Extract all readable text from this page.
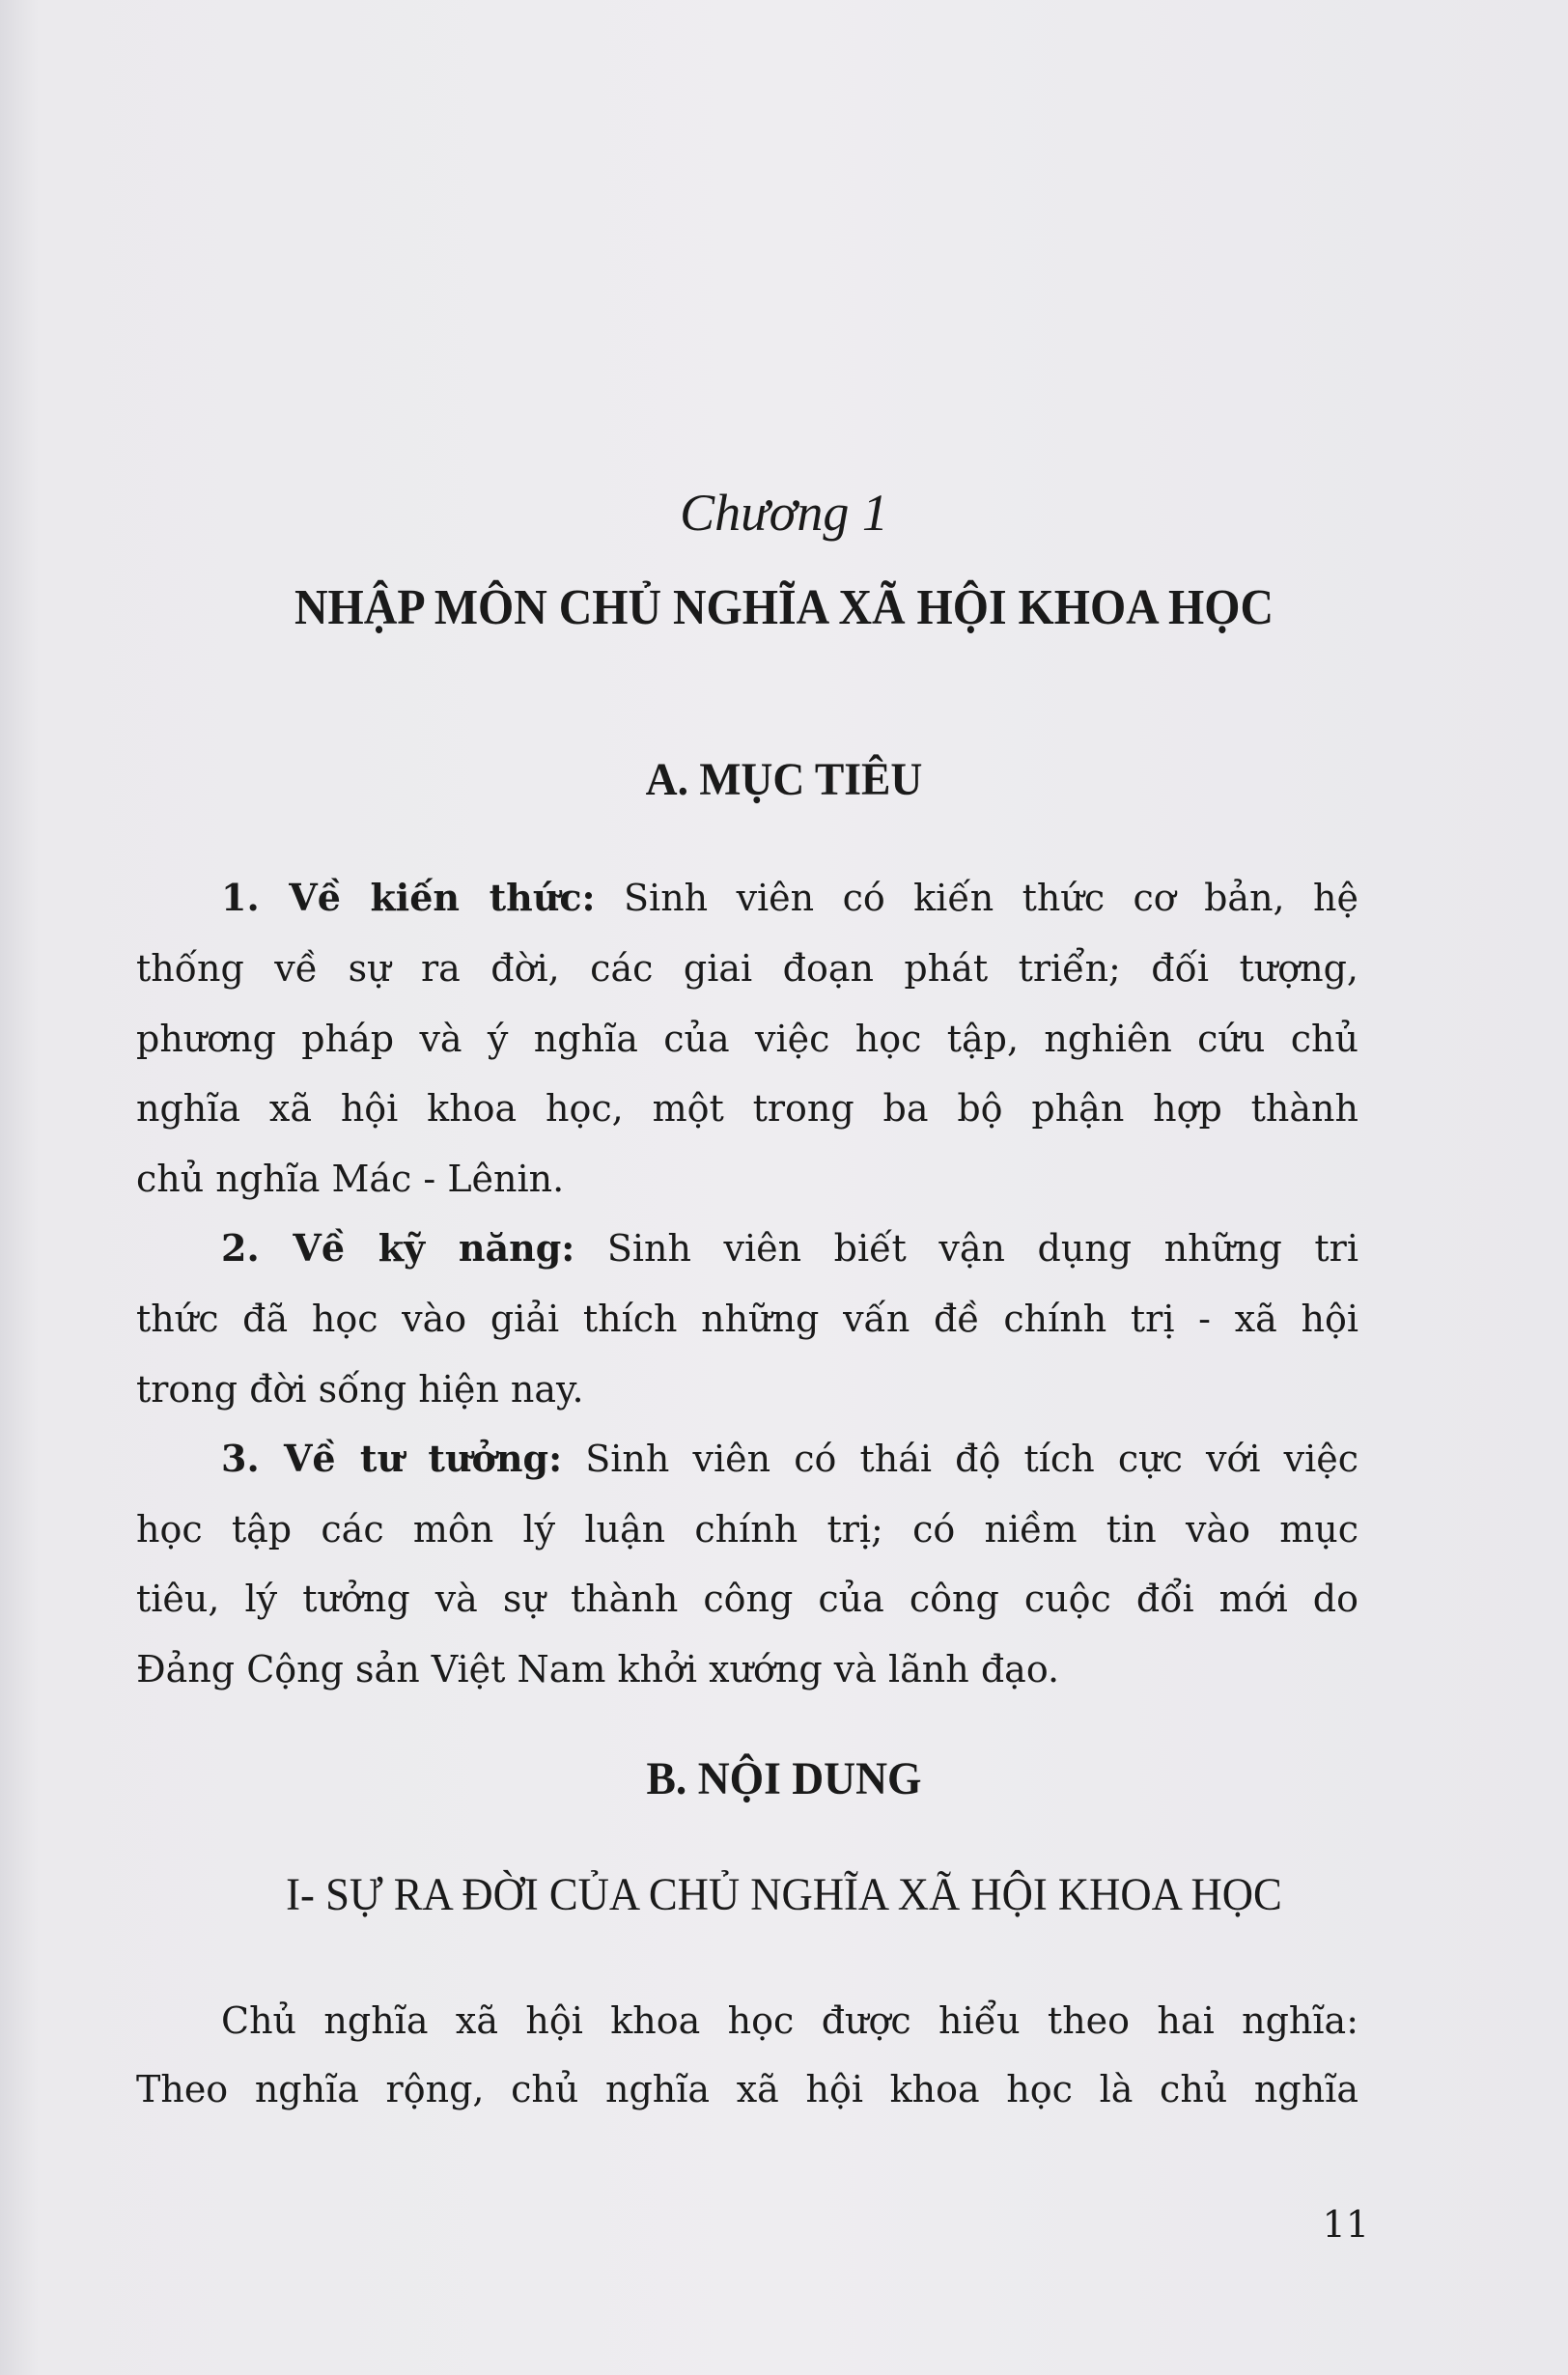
Chương 1
NHẬP MÔN CHỦ NGHĨA XÃ HỘI KHOA HỌC
A. MỤC TIÊU
1. Về kiến thức: Sinh viên có kiến thức cơ bản, hệ
thống về sự ra đời, các giai đoạn phát triển; đối tượng,
phương pháp và ý nghĩa của việc học tập, nghiên cứu chủ
nghĩa xã hội khoa học, một trong ba bộ phận hợp thành
chủ nghĩa Mác - Lênin.
2. Về kỹ năng: Sinh viên biết vận dụng những tri
thức đã học vào giải thích những vấn đề chính trị - xã hội
trong đời sống hiện nay.
3. Về tư tưởng: Sinh viên có thái độ tích cực với việc
học tập các môn lý luận chính trị; có niềm tin vào mục
tiêu, lý tưởng và sự thành công của công cuộc đổi mới do
Đảng Cộng sản Việt Nam khởi xướng và lãnh đạo.
B. NỘI DUNG
I- SỰ RA ĐỜI CỦA CHỦ NGHĨA XÃ HỘI KHOA HỌC
Chủ nghĩa xã hội khoa học được hiểu theo hai nghĩa:
Theo nghĩa rộng, chủ nghĩa xã hội khoa học là chủ nghĩa
11
